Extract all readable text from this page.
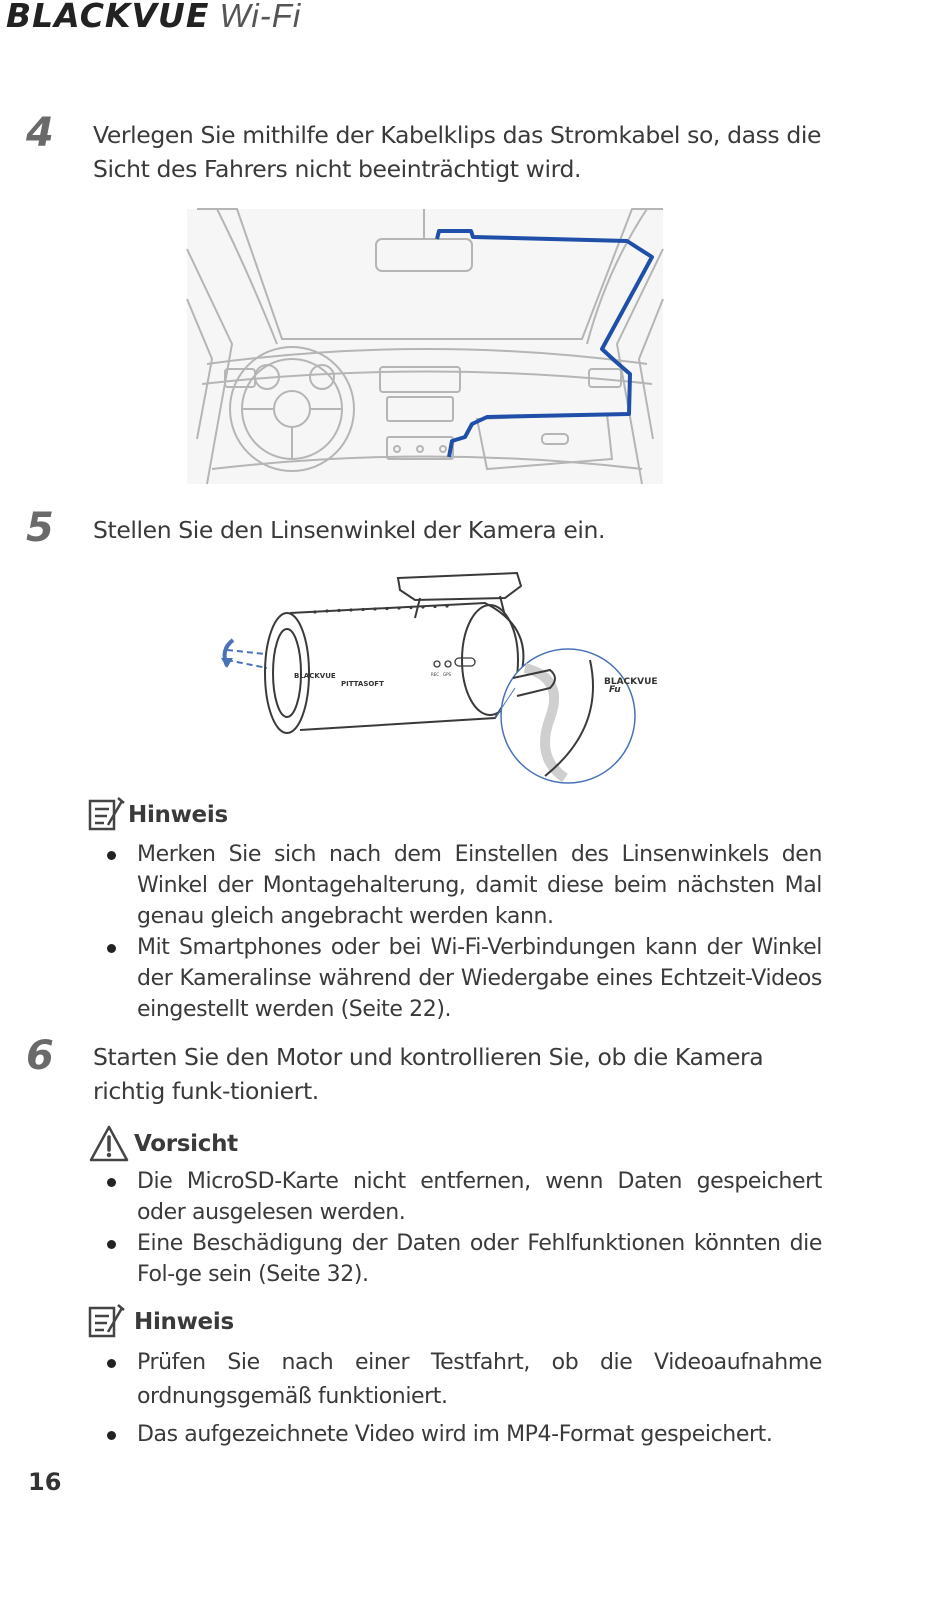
BLACKVUE Wi-Fi
4 Verlegen Sie mithilfe der Kabelklips das Stromkabel so, dass die Sicht des Fahrers nicht beeinträchtigt wird.
5 Stellen Sie den Linsenwinkel der Kamera ein.
BLACKVUE
PITTASOFT
REC GPS
BLACKVUE
Fu
Hinweis
Merken Sie sich nach dem Einstellen des Linsenwinkels den Winkel der Montagehalterung, damit diese beim nächsten Mal genau gleich angebracht werden kann.
Mit Smartphones oder bei Wi-Fi-Verbindungen kann der Winkel der Kameralinse während der Wiedergabe eines Echtzeit-Videos eingestellt werden (Seite 22).
6 Starten Sie den Motor und kontrollieren Sie, ob die Kamera richtig funk-tioniert.
Vorsicht
Die MicroSD-Karte nicht entfernen, wenn Daten gespeichert oder ausgelesen werden.
Eine Beschädigung der Daten oder Fehlfunktionen könnten die Fol-ge sein (Seite 32).
Hinweis
Prüfen Sie nach einer Testfahrt, ob die Videoaufnahme ordnungsgemäß funktioniert.
Das aufgezeichnete Video wird im MP4-Format gespeichert.
16
